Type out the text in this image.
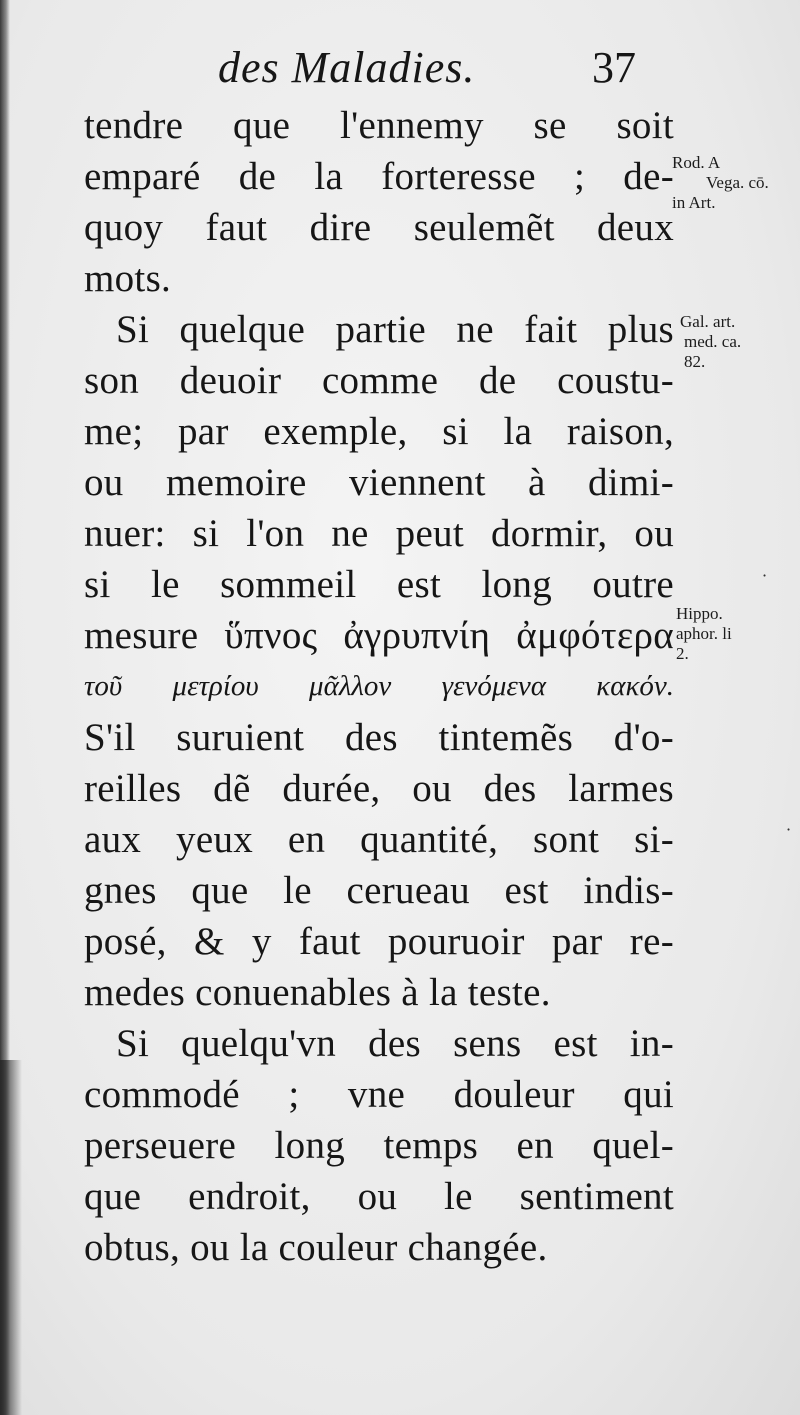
des Maladies.	37
tendre que l'ennemy se soit
emparé de la forteresse ; de-
quoy faut dire seulemẽt deux
mots.
Si quelque partie ne fait plus
son deuoir comme de coustu-
me; par exemple, si la raison,
ou memoire viennent à dimi-
nuer: si l'on ne peut dormir, ou
si le sommeil est long outre
mesure ὕπνος ἀγρυπνίη ἀμφότερα
τοῦ μετρίου μᾶλλον γενόμενα κακόν.
S'il suruient des tintemẽs d'o-
reilles dẽ durée, ou des larmes
aux yeux en quantité, sont si-
gnes que le cerueau est indis-
posé, & y faut pouruoir par re-
medes conuenables à la teste.
Si quelqu'vn des sens est in-
commodé ; vne douleur qui
perseuere long temps en quel-
que endroit, ou le sentiment
obtus, ou la couleur changée.
Rod. A
Vega. cō.
in Art.
Gal. art.
med. ca.
82.
Hippo.
aphor. li
2.
·
·
